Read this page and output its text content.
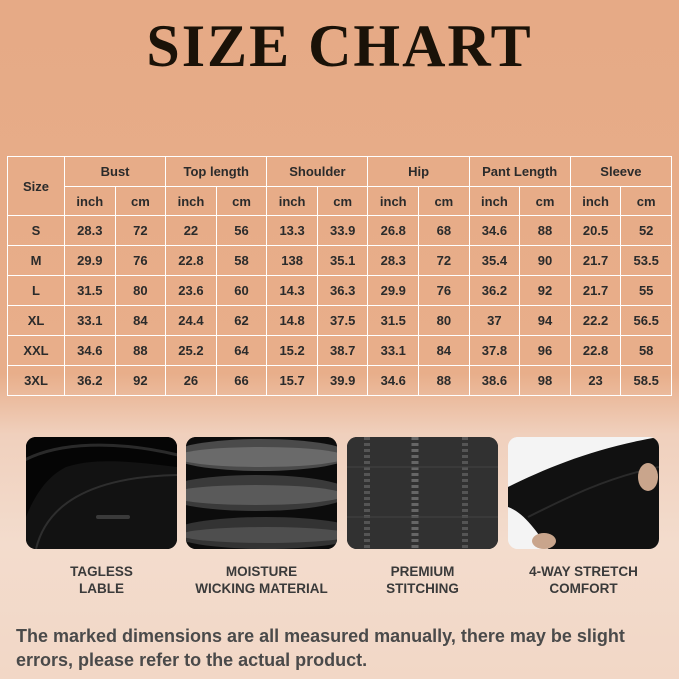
SIZE CHART
Size	Bust		Top length		Shoulder		Hip		Pant Length		Sleeve	
	inch	cm	inch	cm	inch	cm	inch	cm	inch	cm	inch	cm
S	28.3	72	22	56	13.3	33.9	26.8	68	34.6	88	20.5	52
M	29.9	76	22.8	58	138	35.1	28.3	72	35.4	90	21.7	53.5
L	31.5	80	23.6	60	14.3	36.3	29.9	76	36.2	92	21.7	55
XL	33.1	84	24.4	62	14.8	37.5	31.5	80	37	94	22.2	56.5
XXL	34.6	88	25.2	64	15.2	38.7	33.1	84	37.8	96	22.8	58
3XL	36.2	92	26	66	15.7	39.9	34.6	88	38.6	98	23	58.5
TAGLESS
LABLE
MOISTURE
WICKING MATERIAL
PREMIUM
STITCHING
4-WAY STRETCH
COMFORT
The marked dimensions are all measured manually, there may be slight errors, please refer to the actual product.
